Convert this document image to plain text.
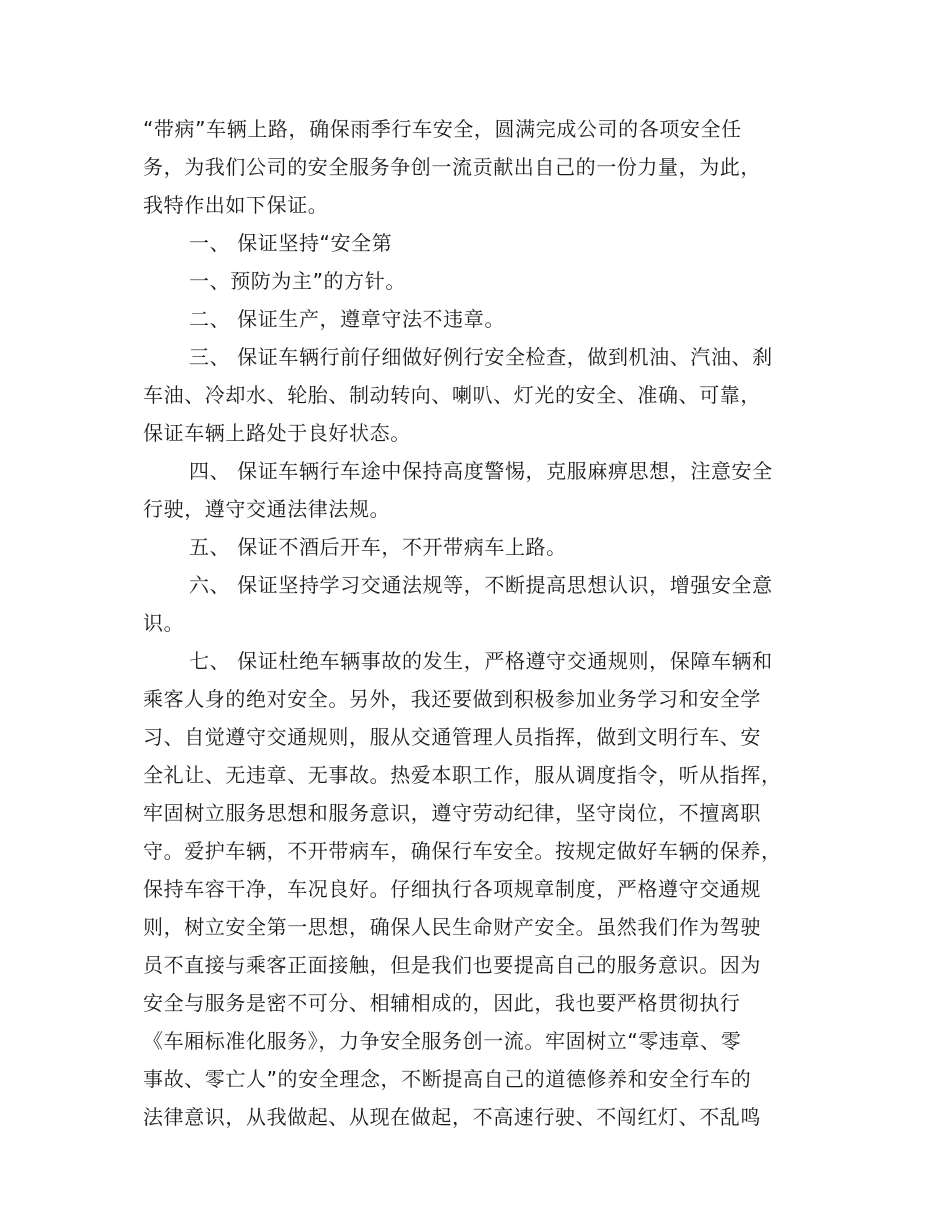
“带病”车辆上路，确保雨季行车安全，圆满完成公司的各项安全任
务，为我们公司的安全服务争创一流贡献出自己的一份力量，为此，
我特作出如下保证。
一、 保证坚持“安全第
一、预防为主”的方针。
二、 保证生产，遵章守法不违章。
三、 保证车辆行前仔细做好例行安全检查，做到机油、汽油、刹
车油、冷却水、轮胎、制动转向、喇叭、灯光的安全、准确、可靠，
保证车辆上路处于良好状态。
四、 保证车辆行车途中保持高度警惕，克服麻痹思想，注意安全
行驶，遵守交通法律法规。
五、 保证不酒后开车，不开带病车上路。
六、 保证坚持学习交通法规等，不断提高思想认识，增强安全意
识。
七、 保证杜绝车辆事故的发生，严格遵守交通规则，保障车辆和
乘客人身的绝对安全。另外，我还要做到积极参加业务学习和安全学
习、自觉遵守交通规则，服从交通管理人员指挥，做到文明行车、安
全礼让、无违章、无事故。热爱本职工作，服从调度指令，听从指挥，
牢固树立服务思想和服务意识，遵守劳动纪律，坚守岗位，不擅离职
守。爱护车辆，不开带病车，确保行车安全。按规定做好车辆的保养，
保持车容干净，车况良好。仔细执行各项规章制度，严格遵守交通规
则，树立安全第一思想，确保人民生命财产安全。虽然我们作为驾驶
员不直接与乘客正面接触，但是我们也要提高自己的服务意识。因为
安全与服务是密不可分、相辅相成的，因此，我也要严格贯彻执行
《车厢标准化服务》，力争安全服务创一流。牢固树立“零违章、零
事故、零亡人”的安全理念，不断提高自己的道德修养和安全行车的
法律意识，从我做起、从现在做起，不高速行驶、不闯红灯、不乱鸣
